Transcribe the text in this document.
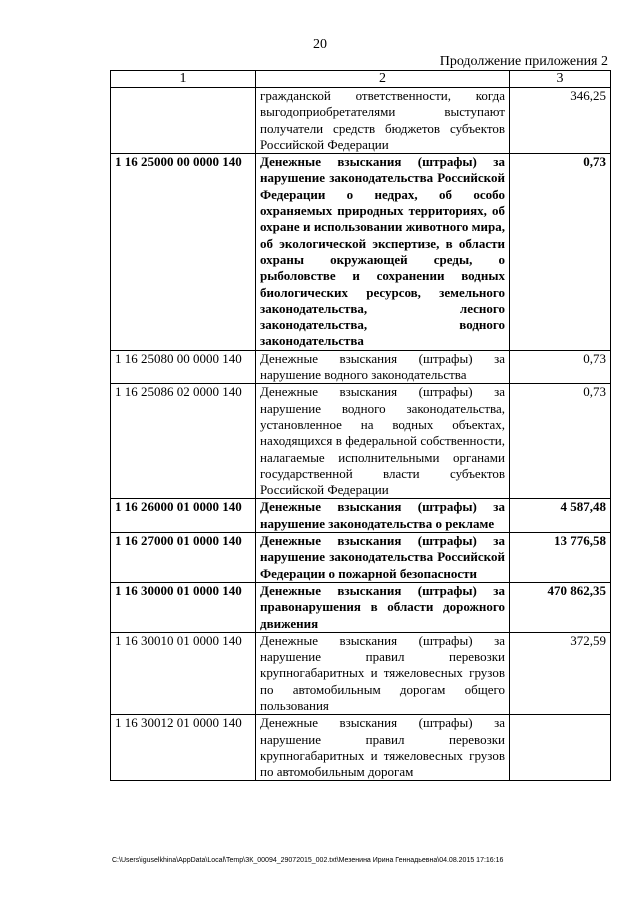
20
Продолжение приложения 2
1	2	3
	гражданской ответственности, когда выгодоприобретателями выступают получатели средств бюджетов субъектов Российской Федерации	346,25
1 16 25000 00 0000 140	Денежные взыскания (штрафы) за нарушение законодательства Российской Федерации о недрах, об особо охраняемых природных территориях, об охране и использовании животного мира, об экологической экспертизе, в области охраны окружающей среды, о рыболовстве и сохранении водных биологических ресурсов, земельного законодательства, лесного законодательства, водного законодательства	0,73
1 16 25080 00 0000 140	Денежные взыскания (штрафы) за нарушение водного законодательства	0,73
1 16 25086 02 0000 140	Денежные взыскания (штрафы) за нарушение водного законодательства, установленное на водных объектах, находящихся в федеральной собственности, налагаемые исполнительными органами государственной власти субъектов Российской Федерации	0,73
1 16 26000 01 0000 140	Денежные взыскания (штрафы) за нарушение законодательства о рекламе	4 587,48
1 16 27000 01 0000 140	Денежные взыскания (штрафы) за нарушение законодательства Российской Федерации о пожарной безопасности	13 776,58
1 16 30000 01 0000 140	Денежные взыскания (штрафы) за правонарушения в области дорожного движения	470 862,35
1 16 30010 01 0000 140	Денежные взыскания (штрафы) за нарушение правил перевозки крупногабаритных и тяжеловесных грузов по автомобильным дорогам общего пользования	372,59
1 16 30012 01 0000 140	Денежные взыскания (штрафы) за нарушение правил перевозки крупногабаритных и тяжеловесных грузов по автомобильным дорогам	
C:\Users\iguselkhina\AppData\Local\Temp\ЗК_00094_29072015_002.txt\Мезенина Ирина Геннадьевна\04.08.2015 17:16:16
